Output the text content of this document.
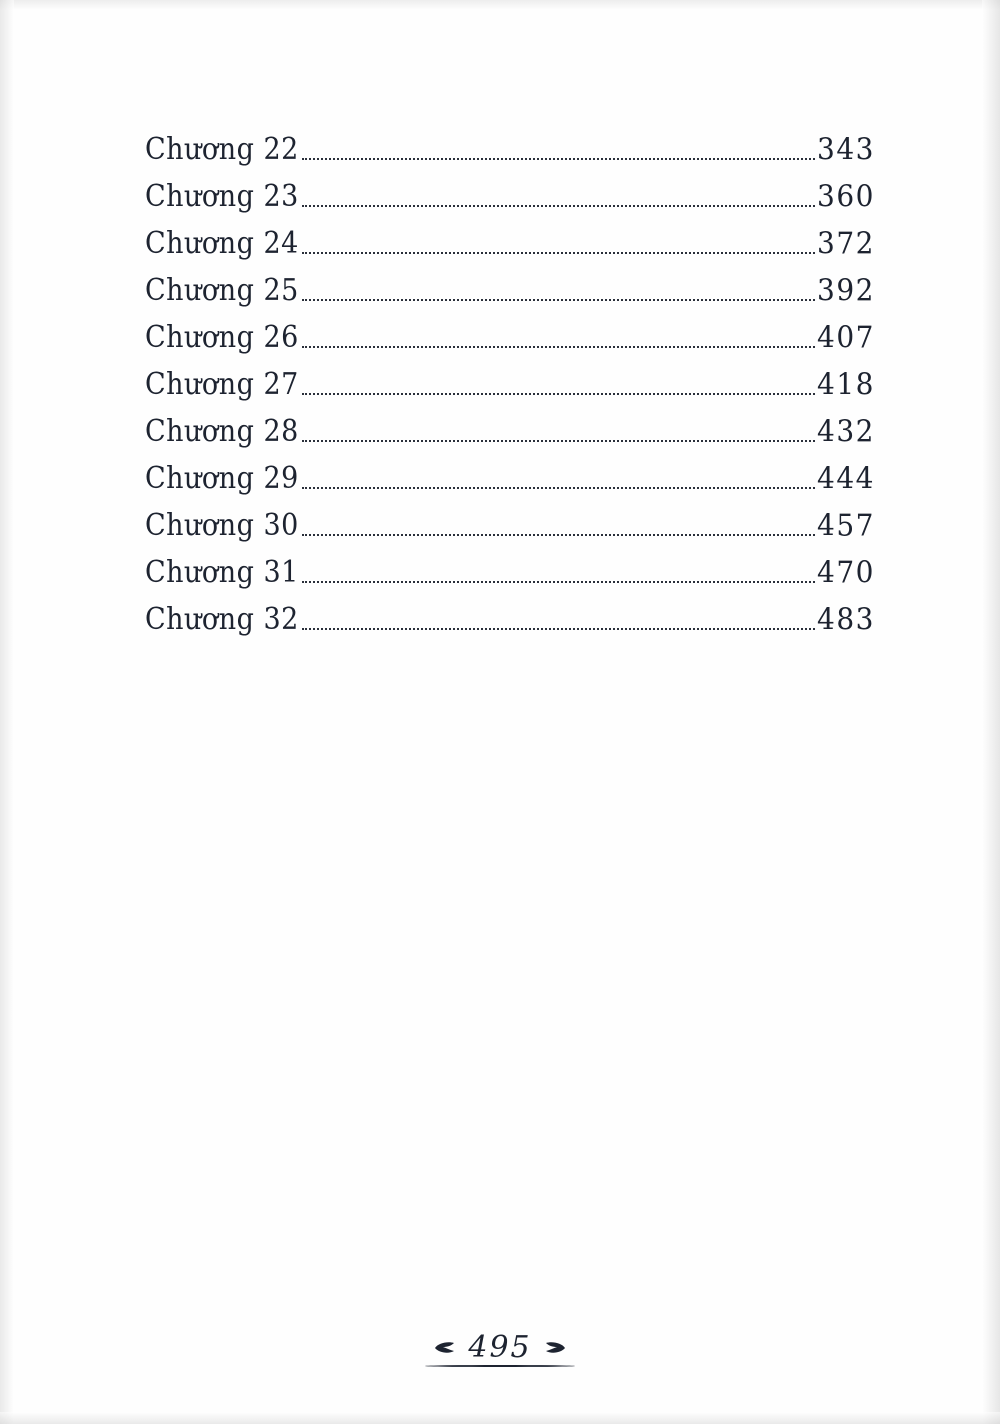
Chương 22	343
Chương 23	360
Chương 24	372
Chương 25	392
Chương 26	407
Chương 27	418
Chương 28	432
Chương 29	444
Chương 30	457
Chương 31	470
Chương 32	483
495
